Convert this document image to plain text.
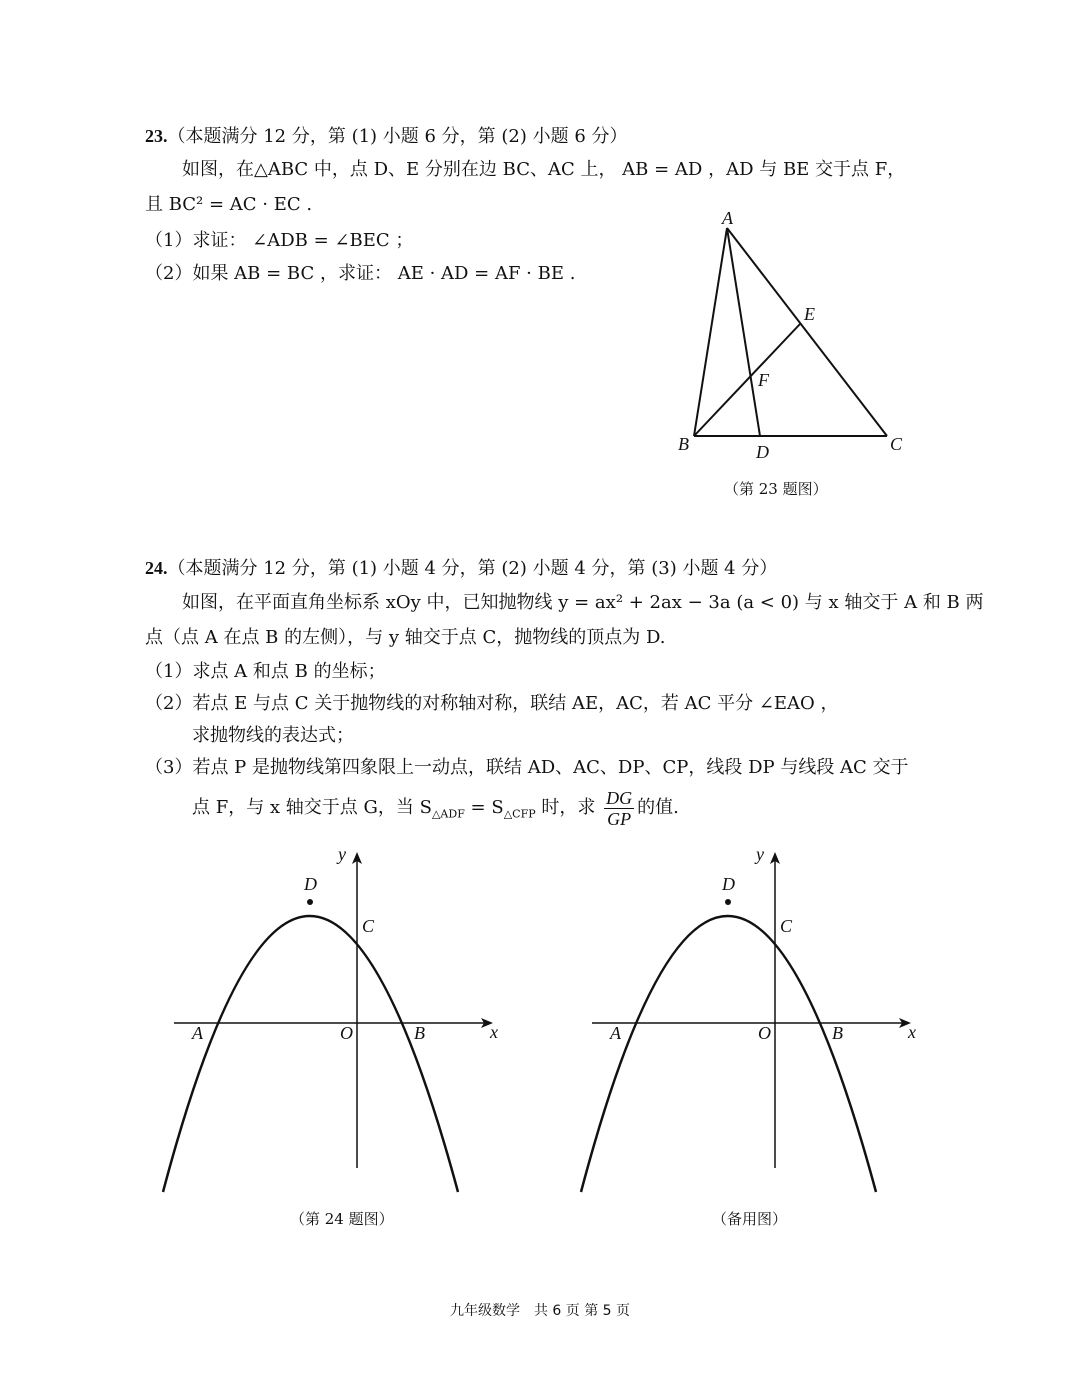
23.（本题满分 12 分，第 (1) 小题 6 分，第 (2) 小题 6 分）
如图，在△ABC 中，点 D、E 分别在边 BC、AC 上， AB = AD ，AD 与 BE 交于点 F，
且 BC² = AC · EC .
（1）求证： ∠ADB = ∠BEC ；
（2）如果 AB = BC ，求证： AE · AD = AF · BE .
A
B	C
D
E
F
（第 23 题图）
24.（本题满分 12 分，第 (1) 小题 4 分，第 (2) 小题 4 分，第 (3) 小题 4 分）
如图，在平面直角坐标系 xOy 中，已知抛物线 y = ax² + 2ax − 3a (a < 0) 与 x 轴交于 A 和 B 两
点（点 A 在点 B 的左侧），与 y 轴交于点 C，抛物线的顶点为 D.
（1）求点 A 和点 B 的坐标；
（2）若点 E 与点 C 关于抛物线的对称轴对称，联结 AE，AC，若 AC 平分 ∠EAO ，
求抛物线的表达式；
（3）若点 P 是抛物线第四象限上一动点，联结 AD、AC、DP、CP，线段 DP 与线段 AC 交于
点 F，与 x 轴交于点 G，当 $S_{\triangle ADF} = S_{\triangle CFP}$ 时，求 $\frac{DG}{GP}$ 的值.
D
C
A	O	B	x
y
（第 24 题图）
D
C
A	O	B	x
y
（备用图）
九年级数学　共 6 页 第 5 页
